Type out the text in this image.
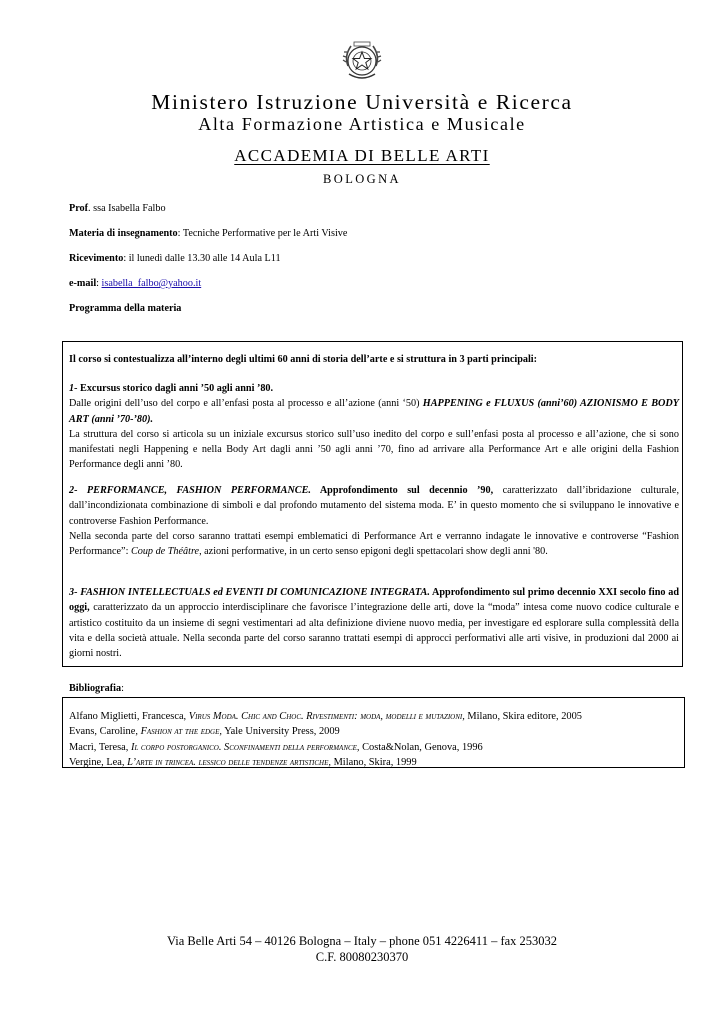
Ministero Istruzione Università e Ricerca
Alta Formazione Artistica e Musicale
ACCADEMIA DI BELLE ARTI
BOLOGNA
Prof. ssa Isabella Falbo
Materia di insegnamento: Tecniche Performative per le Arti Visive
Ricevimento: il lunedì dalle 13.30 alle 14 Aula L11
e-mail: isabella_falbo@yahoo.it
Programma della materia

Il corso si contestualizza all’interno degli ultimi 60 anni di storia dell’arte e si struttura in 3 parti principali:

1- Excursus storico dagli anni ’50 agli anni ’80.

Dalle origini dell’uso del corpo e all’enfasi posta al processo e all’azione (anni ‘50) HAPPENING e FLUXUS (anni’60) AZIONISMO E BODY ART (anni ’70-’80).

La struttura del corso si articola su un iniziale excursus storico sull’uso inedito del corpo e sull’enfasi posta al processo e all’azione, che si sono manifestati negli Happening e nella Body Art dagli anni ’50 agli anni ’70, fino ad arrivare alla Performance Art e alle origini della Fashion Performance degli anni ’80.

2- PERFORMANCE, FASHION PERFORMANCE. Approfondimento sul decennio ’90, caratterizzato dall’ibridazione culturale, dall’incondizionata combinazione di simboli e dal profondo mutamento del sistema moda. E’ in questo momento che si sviluppano le innovative e controverse Fashion Performance.

Nella seconda parte del corso saranno trattati esempi emblematici di Performance Art e verranno indagate le innovative e controverse “Fashion Performance”: Coup de Théâtre, azioni performative, in un certo senso epigoni degli spettacolari show degli anni '80.

3- FASHION INTELLECTUALS ed EVENTI DI COMUNICAZIONE INTEGRATA. Approfondimento sul primo decennio XXI secolo fino ad oggi, caratterizzato da un approccio interdisciplinare che favorisce l’integrazione delle arti, dove la “moda” intesa come nuovo codice culturale e artistico costituito da un insieme di segni vestimentari ad alta definizione diviene nuovo media, per investigare ed esplorare sulla complessità della vita e della società attuale. Nella seconda parte del corso saranno trattati esempi di approcci performativi alle arti visive, in produzioni dal 2000 ai giorni nostri.

Bibliografia:
Alfano Miglietti, Francesca, Virus Moda. Chic and Choc. Rivestimenti: moda, modelli e mutazioni, Milano, Skira editore, 2005
Evans, Caroline, Fashion at the edge, Yale University Press, 2009
Macrì, Teresa, Il corpo postorganico. Sconfinamenti della performance, Costa&Nolan, Genova, 1996
Vergine, Lea, L’arte in trincea. lessico delle tendenze artistiche, Milano, Skira, 1999
Via Belle Arti 54 – 40126 Bologna – Italy – phone 051 4226411 – fax 253032
C.F. 80080230370
